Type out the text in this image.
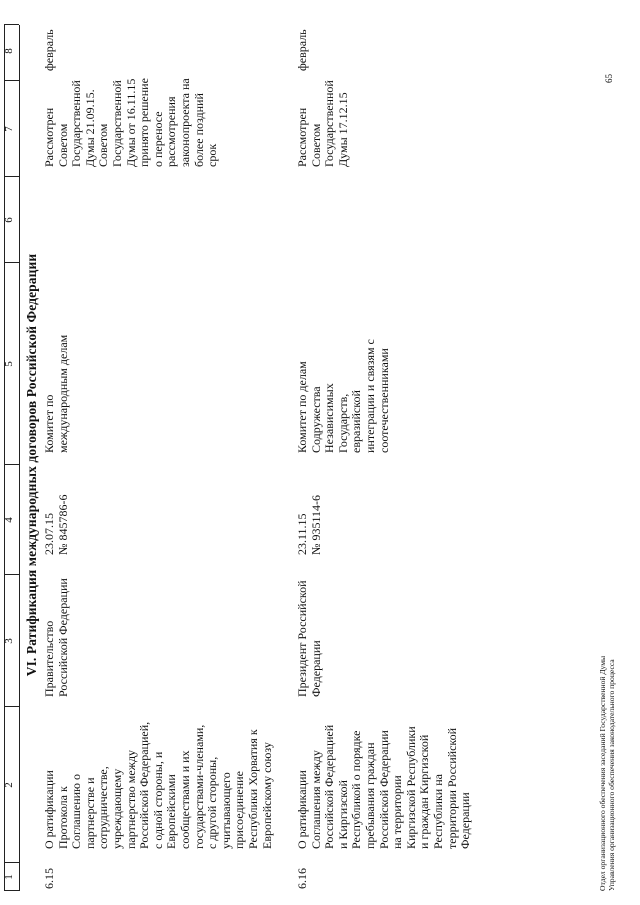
1
2
3
4
5
6
7
8
VI. Ратификация международных договоров Российской Федерации
6.15
О ратификации Протокола к Соглашению о партнерстве и сотрудничестве, учреждающему партнерство между Российской Федерацией, с одной стороны, и Европейскими сообществами и их государствами-членами, с другой стороны, учитывающего присоединение Республики Хорватия к Европейскому союзу
Правительство Российской Федерации
23.07.15 № 845786-6
Комитет по международным делам
Рассмотрен Советом Государственной Думы 21.09.15. Советом Государственной Думы от 16.11.15 принято решение о переносе рассмотрения законопроекта на более поздний срок
февраль
6.16
О ратификации Соглашения между Российской Федерацией и Киргизской Республикой о порядке пребывания граждан Российской Федерации на территории Киргизской Республики и граждан Киргизской Республики на территории Российской Федерации
Президент Российской Федерации
23.11.15 № 935114-6
Комитет по делам Содружества Независимых Государств, евразийской интеграции и связям с соотечественниками
Рассмотрен Советом Государственной Думы 17.12.15
февраль
Отдел организационного обеспечения заседаний Государственной Думы Управления организационного обеспечения законодательного процесса
65
